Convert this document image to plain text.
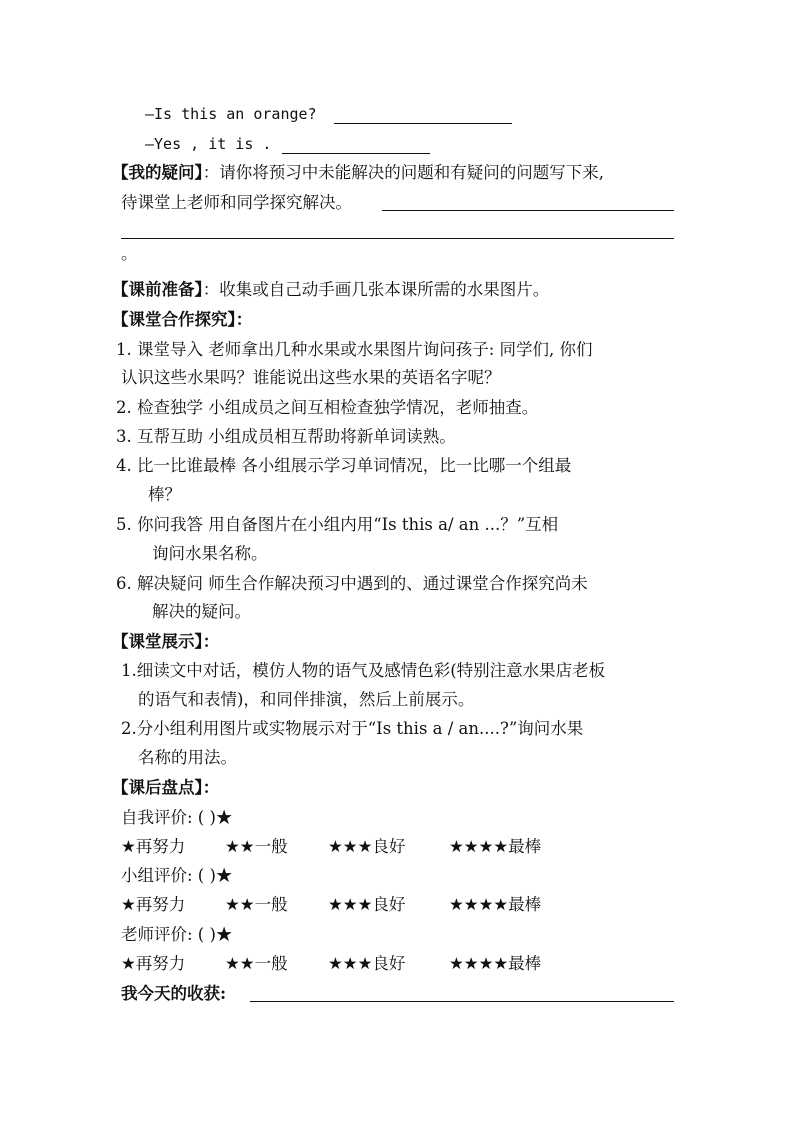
—Is this an orange?
—Yes , it is .
【我的疑问】：请你将预习中未能解决的问题和有疑问的问题写下来,
待课堂上老师和同学探究解决。
。
【课前准备】：收集或自己动手画几张本课所需的水果图片。
【课堂合作探究】：
1. 课堂导入 老师拿出几种水果或水果图片询问孩子: 同学们, 你们
认识这些水果吗？谁能说出这些水果的英语名字呢？
2. 检查独学 小组成员之间互相检查独学情况，老师抽查。
3. 互帮互助 小组成员相互帮助将新单词读熟。
4. 比一比谁最棒 各小组展示学习单词情况，比一比哪一个组最
棒？
5. 你问我答 用自备图片在小组内用“Is this a/ an ...？”互相
询问水果名称。
6. 解决疑问 师生合作解决预习中遇到的、通过课堂合作探究尚未
解决的疑问。
【课堂展示】：
1.细读文中对话，模仿人物的语气及感情色彩(特别注意水果店老板
的语气和表情)，和同伴排演，然后上前展示。
2.分小组利用图片或实物展示对于“Is this a / an....?”询问水果
名称的用法。
【课后盘点】：
自我评价: ( )★
★再努力 ★★一般 ★★★良好	★★★★最棒
小组评价: ( )★
★再努力 ★★一般 ★★★良好	★★★★最棒
老师评价: ( )★
★再努力 ★★一般 ★★★良好	★★★★最棒
我今天的收获:
